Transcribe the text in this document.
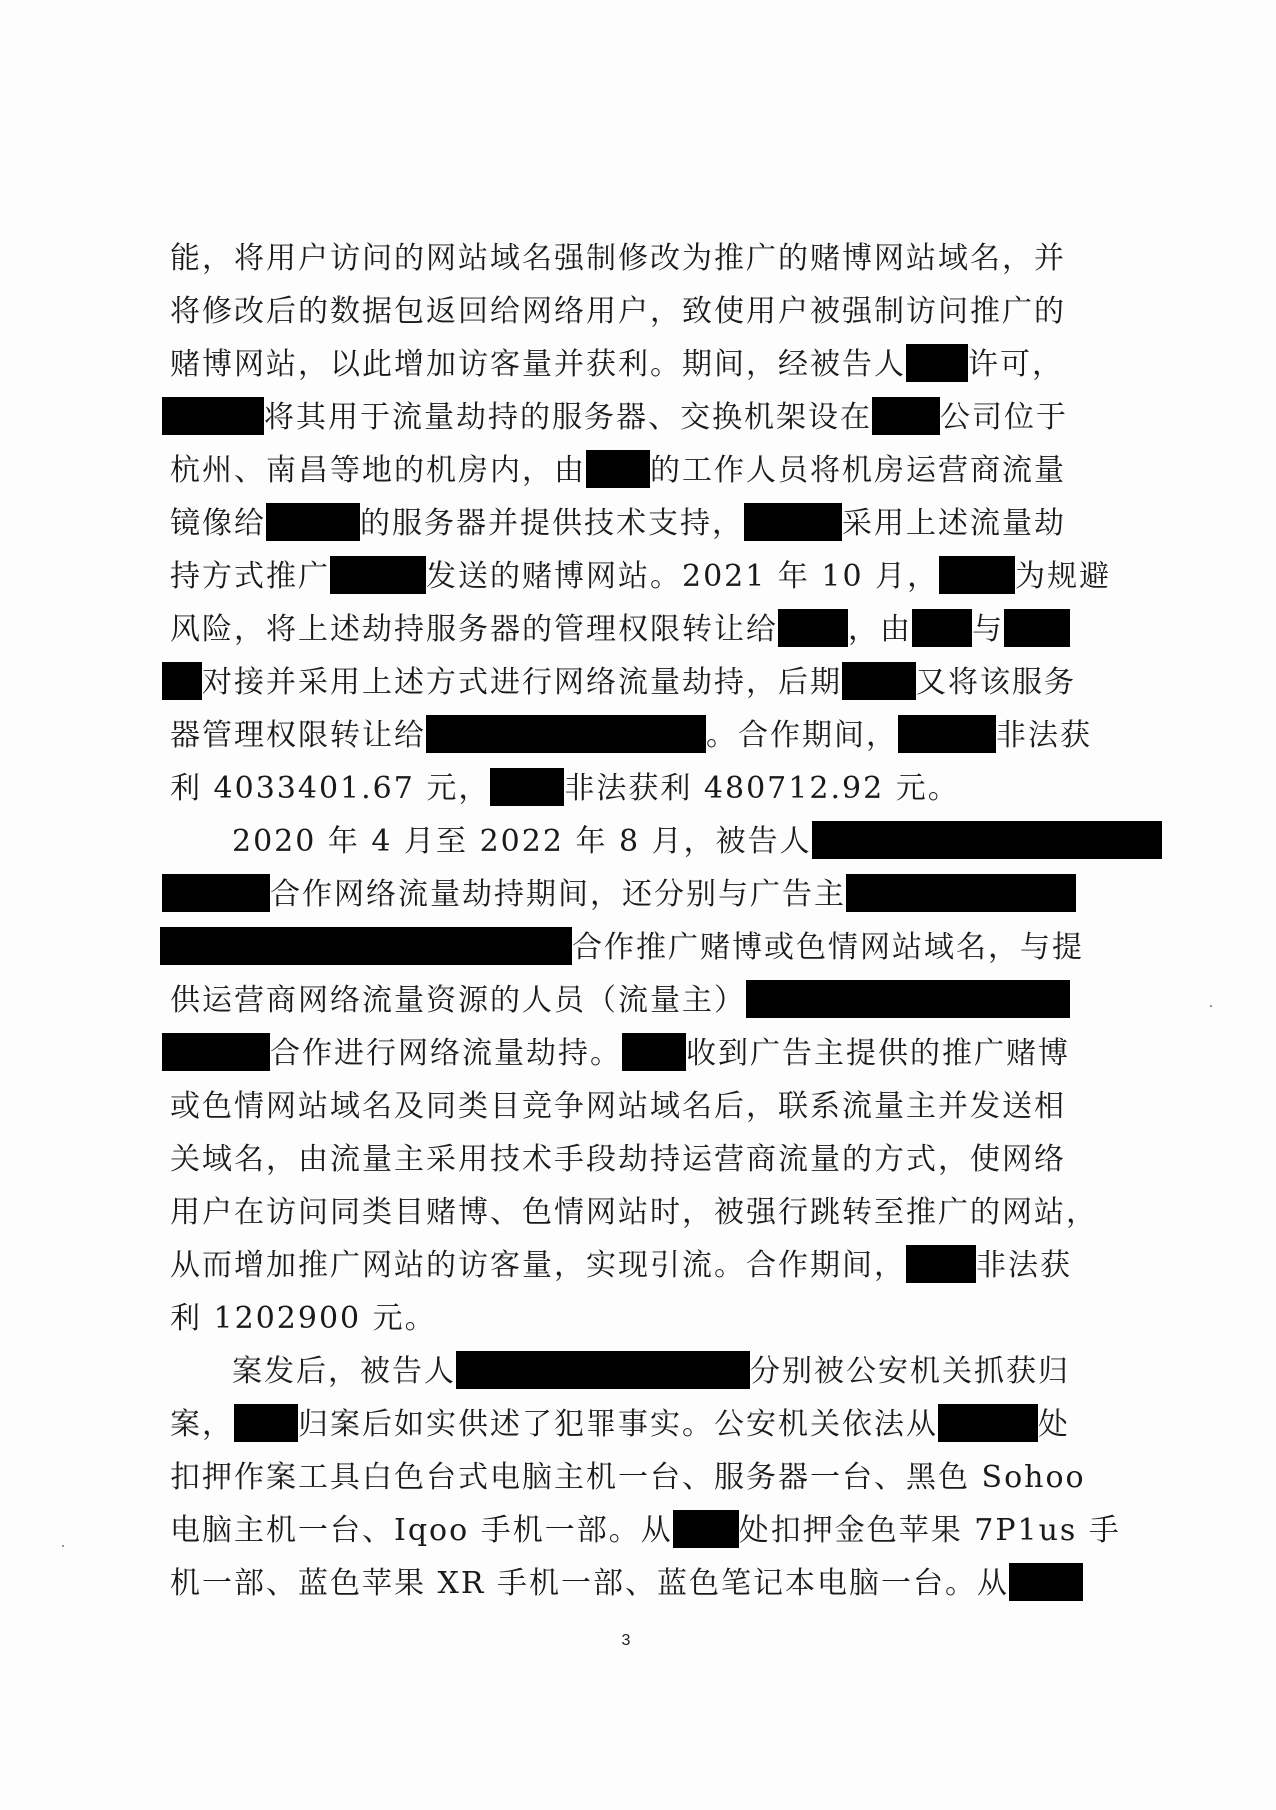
能，将用户访问的网站域名强制修改为推广的赌博网站域名，并
将修改后的数据包返回给网络用户，致使用户被强制访问推广的
赌博网站，以此增加访客量并获利。期间，经被告人 许可，
将其用于流量劫持的服务器、交换机架设在 公司位于
杭州、南昌等地的机房内，由 的工作人员将机房运营商流量
镜像给	的服务器并提供技术支持，	采用上述流量劫
持方式推广	发送的赌博网站。2021 年 10 月，	为规避
风险，将上述劫持服务器的管理权限转让给 ，由 与
对接并采用上述方式进行网络流量劫持，后期 又将该服务
器管理权限转让给	。合作期间，	非法获
利 4033401.67 元， 非法获利 480712.92 元。
2020 年 4 月至 2022 年 8 月，被告人
合作网络流量劫持期间，还分别与广告主
合作推广赌博或色情网站域名，与提
供运营商网络流量资源的人员（流量主）
合作进行网络流量劫持。 收到广告主提供的推广赌博
或色情网站域名及同类目竞争网站域名后，联系流量主并发送相
关域名，由流量主采用技术手段劫持运营商流量的方式，使网络
用户在访问同类目赌博、色情网站时，被强行跳转至推广的网站，
从而增加推广网站的访客量，实现引流。合作期间， 非法获
利 1202900 元。
案发后，被告人	分别被公安机关抓获归
案， 归案后如实供述了犯罪事实。公安机关依法从	处
扣押作案工具白色台式电脑主机一台、服务器一台、黑色 Sohoo
电脑主机一台、Iqoo 手机一部。从 处扣押金色苹果 7P1us 手
机一部、蓝色苹果 XR 手机一部、蓝色笔记本电脑一台。从
3
